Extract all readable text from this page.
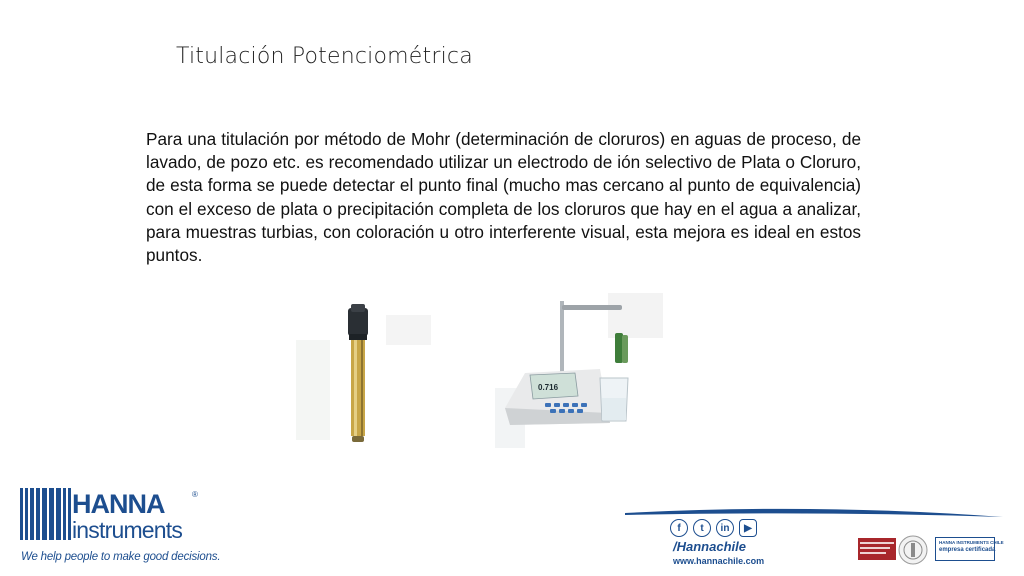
Titulación Potenciométrica
Para una titulación por método de Mohr (determinación de cloruros) en aguas de proceso, de lavado, de pozo etc. es recomendado utilizar un electrodo de ión selectivo de Plata o Cloruro, de esta forma se puede detectar el punto final (mucho mas cercano al punto de equivalencia) con el exceso de plata o precipitación completa de los cloruros que hay en el agua a analizar, para muestras turbias, con coloración u otro interferente visual, esta mejora es ideal en estos puntos.
0.716
HANNA	®
instruments
We help people to make good decisions.
f	t	in	▶
/Hannachile
www.hannachile.com
HANNA INSTRUMENTS CHILE
empresa certificada
